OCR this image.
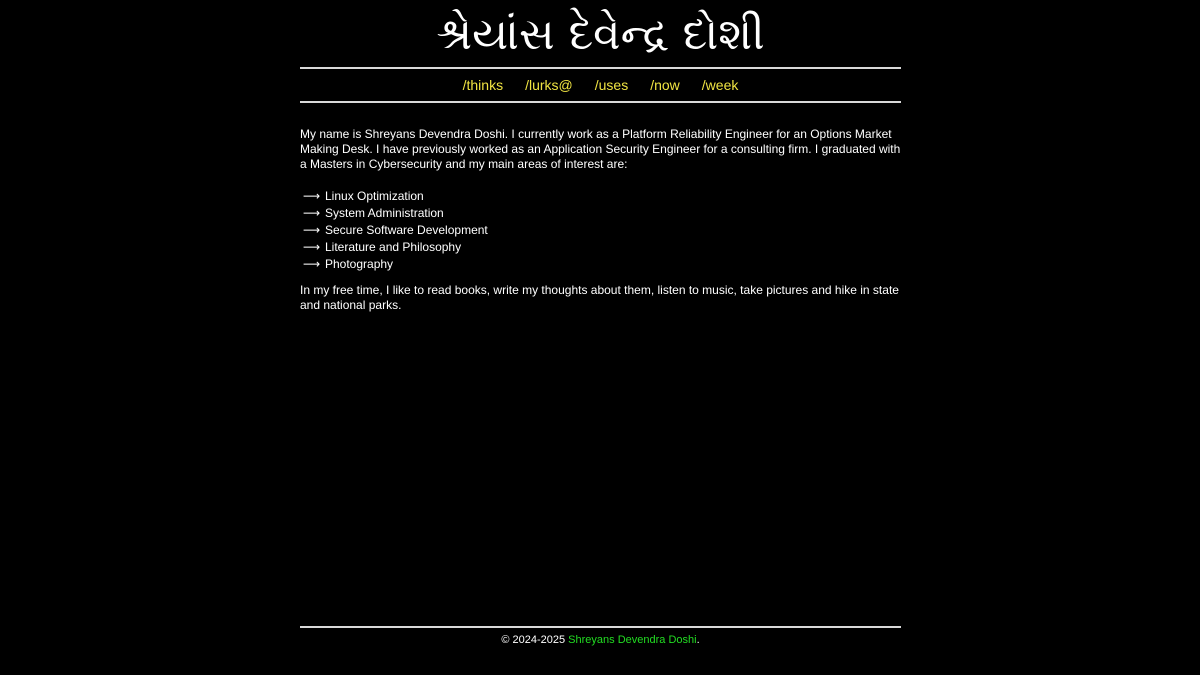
શ્રેયાંસ દેવેન્દ્ર દોશી
/thinks /lurks@ /uses /now /week

My name is Shreyans Devendra Doshi. I currently work as a Platform Reliability Engineer for an Options Market Making Desk. I have previously worked as an Application Security Engineer for a consulting firm. I graduated with a Masters in Cybersecurity and my main areas of interest are:

⟶ Linux Optimization
⟶ System Administration
⟶ Secure Software Development
⟶ Literature and Philosophy
⟶ Photography

In my free time, I like to read books, write my thoughts about them, listen to music, take pictures and hike in state and national parks.

© 2024-2025 Shreyans Devendra Doshi.
